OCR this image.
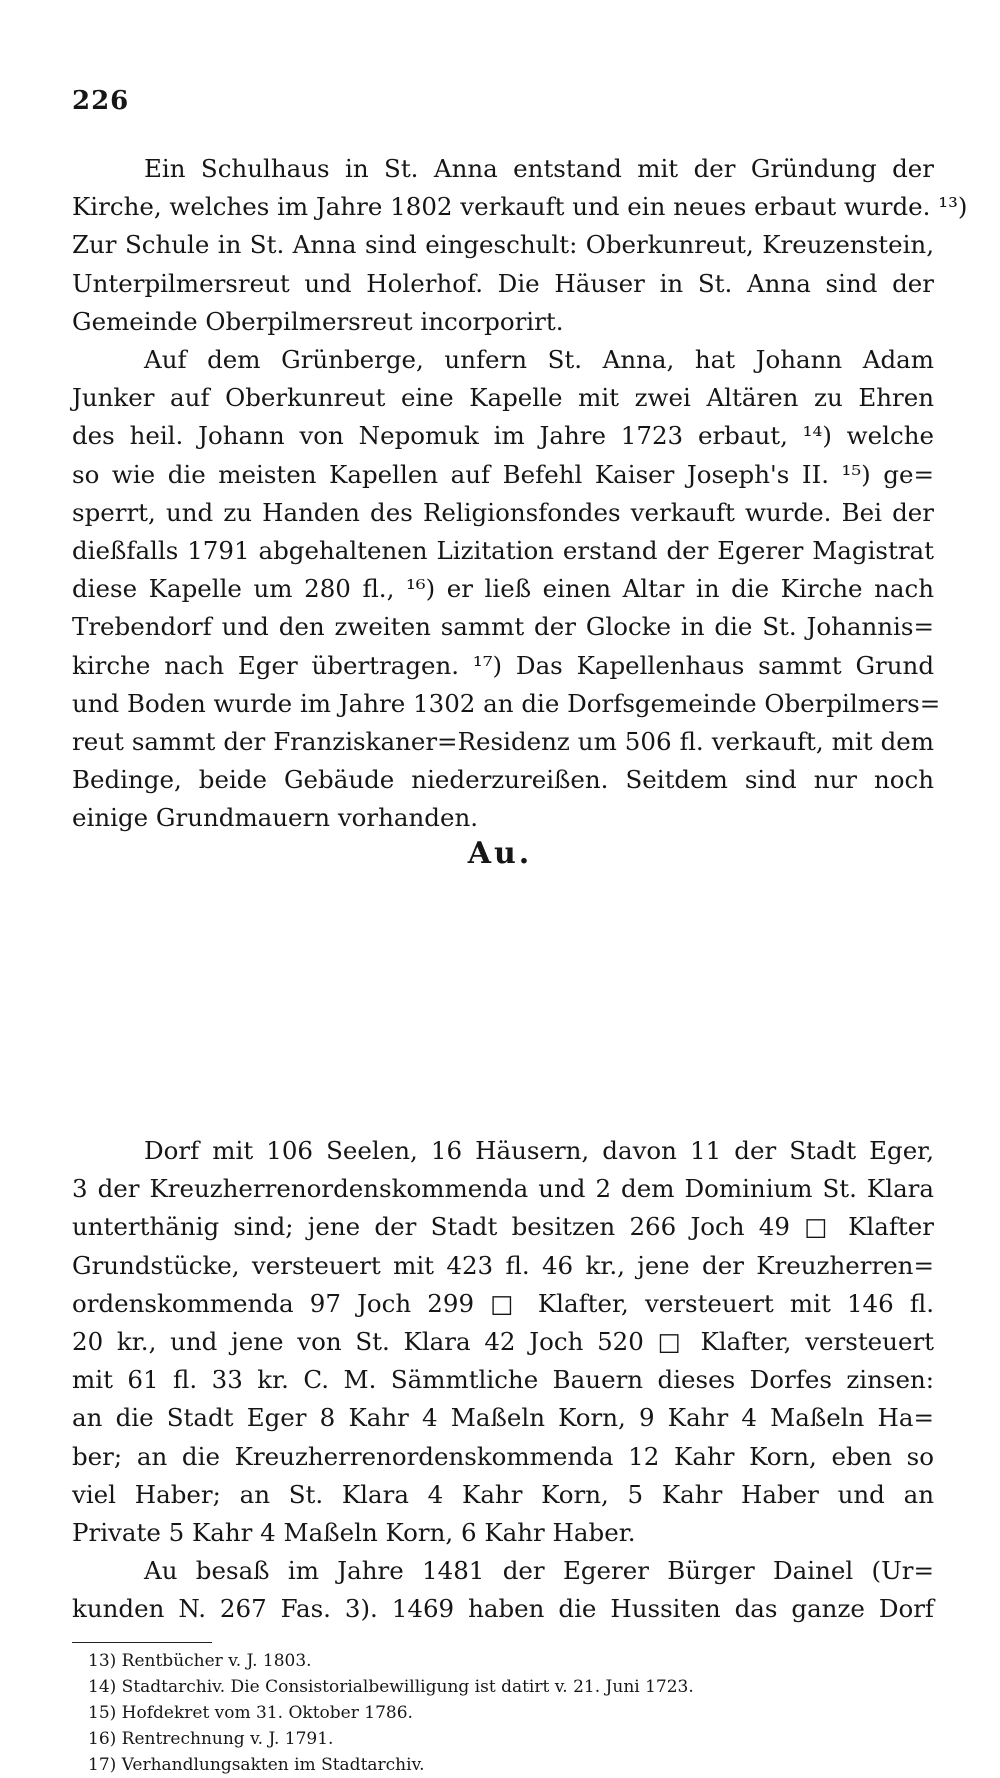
226
Ein Schulhaus in St. Anna entstand mit der Gründung der
Kirche, welches im Jahre 1802 verkauft und ein neues erbaut wurde. ¹³)
Zur Schule in St. Anna sind eingeschult: Oberkunreut, Kreuzenstein,
Unterpilmersreut und Holerhof. Die Häuser in St. Anna sind der
Gemeinde Oberpilmersreut incorporirt.
Auf dem Grünberge, unfern St. Anna, hat Johann Adam
Junker auf Oberkunreut eine Kapelle mit zwei Altären zu Ehren
des heil. Johann von Nepomuk im Jahre 1723 erbaut, ¹⁴) welche
so wie die meisten Kapellen auf Befehl Kaiser Joseph's II. ¹⁵) ge=
sperrt, und zu Handen des Religionsfondes verkauft wurde. Bei der
dießfalls 1791 abgehaltenen Lizitation erstand der Egerer Magistrat
diese Kapelle um 280 fl., ¹⁶) er ließ einen Altar in die Kirche nach
Trebendorf und den zweiten sammt der Glocke in die St. Johannis=
kirche nach Eger übertragen. ¹⁷) Das Kapellenhaus sammt Grund
und Boden wurde im Jahre 1302 an die Dorfsgemeinde Oberpilmers=
reut sammt der Franziskaner=Residenz um 506 fl. verkauft, mit dem
Bedinge, beide Gebäude niederzureißen. Seitdem sind nur noch
einige Grundmauern vorhanden.
Au.
Dorf mit 106 Seelen, 16 Häusern, davon 11 der Stadt Eger,
3 der Kreuzherrenordenskommenda und 2 dem Dominium St. Klara
unterthänig sind; jene der Stadt besitzen 266 Joch 49 □ Klafter
Grundstücke, versteuert mit 423 fl. 46 kr., jene der Kreuzherren=
ordenskommenda 97 Joch 299 □ Klafter, versteuert mit 146 fl.
20 kr., und jene von St. Klara 42 Joch 520 □ Klafter, versteuert
mit 61 fl. 33 kr. C. M. Sämmtliche Bauern dieses Dorfes zinsen:
an die Stadt Eger 8 Kahr 4 Maßeln Korn, 9 Kahr 4 Maßeln Ha=
ber; an die Kreuzherrenordenskommenda 12 Kahr Korn, eben so
viel Haber; an St. Klara 4 Kahr Korn, 5 Kahr Haber und an
Private 5 Kahr 4 Maßeln Korn, 6 Kahr Haber.
Au besaß im Jahre 1481 der Egerer Bürger Dainel (Ur=
kunden N. 267 Fas. 3). 1469 haben die Hussiten das ganze Dorf
13) Rentbücher v. J. 1803.
14) Stadtarchiv. Die Consistorialbewilligung ist datirt v. 21. Juni 1723.
15) Hofdekret vom 31. Oktober 1786.
16) Rentrechnung v. J. 1791.
17) Verhandlungsakten im Stadtarchiv.
